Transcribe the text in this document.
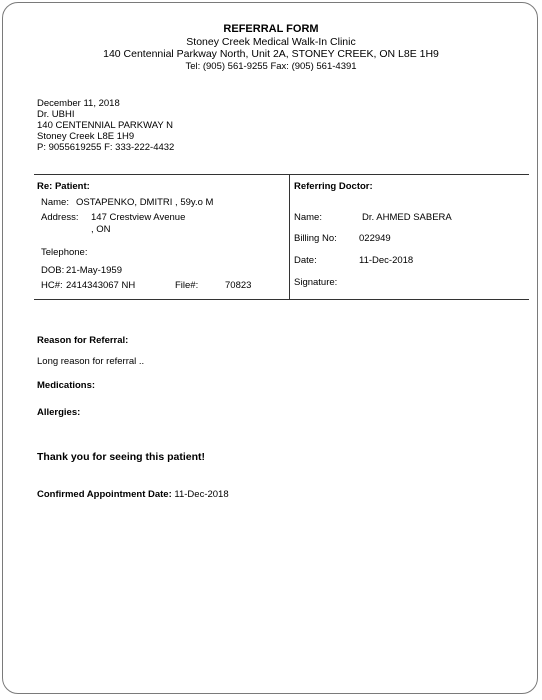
REFERRAL FORM
Stoney Creek Medical Walk-In Clinic
140 Centennial Parkway North, Unit 2A, STONEY CREEK, ON L8E 1H9
Tel: (905) 561-9255 Fax: (905) 561-4391
December 11, 2018
Dr. UBHI
140 CENTENNIAL PARKWAY N
Stoney Creek L8E 1H9
P: 9055619255 F: 333-222-4432
Re: Patient:
Name: OSTAPENKO, DMITRI , 59y.o M
Address: 147 Crestview Avenue
, ON
Telephone:
DOB: 21-May-1959
HC#: 2414343067 NH	File#:	70823
Referring Doctor:
Name:	Dr. AHMED SABERA
Billing No: 022949
Date:	11-Dec-2018
Signature:
Reason for Referral:
Long reason for referral ..
Medications:
Allergies:
Thank you for seeing this patient!
Confirmed Appointment Date: 11-Dec-2018
